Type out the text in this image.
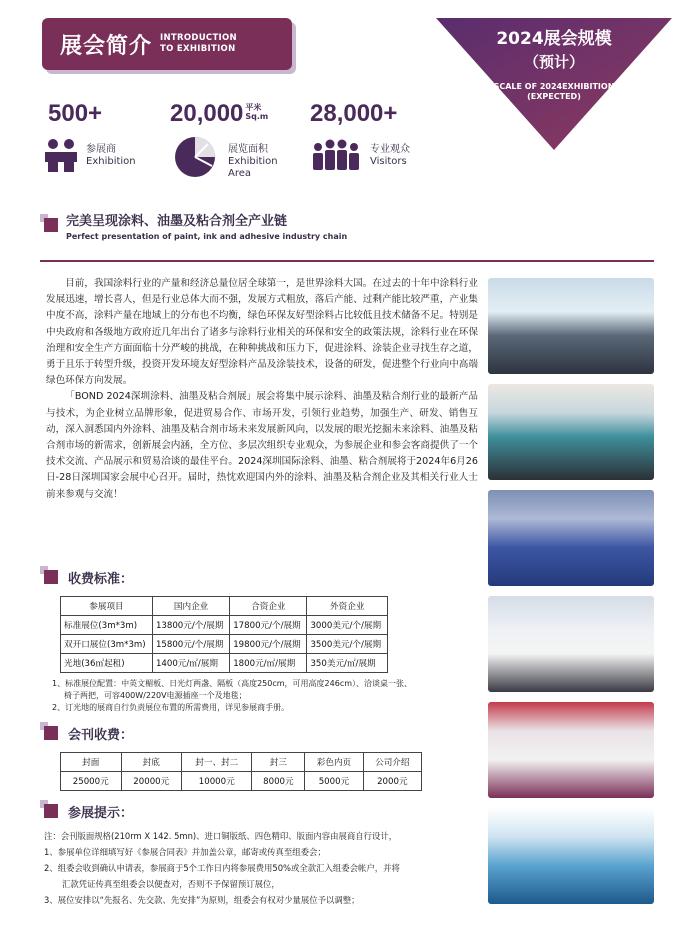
展会简介 INTRODUCTION
TO EXHIBITION	2024展会规模
（预计）
SCALE OF 2024EXHIBITION
(EXPECTED)
500+
参展商
Exhibition
20,000 平米
Sq.m
展览面积
Exhibition
Area
28,000+
专业观众
Visitors
完美呈现涂料、油墨及粘合剂全产业链
Perfect presentation of paint, ink and adhesive industry chain

目前，我国涂料行业的产量和经济总量位居全球第一，是世界涂料大国。在过去的十年中涂料行业发展迅速，增长喜人，但是行业总体大而不强，发展方式粗放，落后产能、过剩产能比较严重，产业集中度不高，涂料产量在地域上的分布也不均衡，绿色环保友好型涂料占比较低且技术储备不足。特别是中央政府和各级地方政府近几年出台了诸多与涂料行业相关的环保和安全的政策法规，涂料行业在环保治理和安全生产方面面临十分严峻的挑战，在种种挑战和压力下，促进涂料、涂装企业寻找生存之道，勇于且乐于转型升级，投资开发环境友好型涂料产品及涂装技术，设备的研发，促进整个行业向中高端绿色环保方向发展。

「BOND 2024深圳涂料、油墨及粘合剂展」展会将集中展示涂料、油墨及粘合剂行业的最新产品与技术，为企业树立品牌形象，促进贸易合作、市场开发，引领行业趋势，加强生产、研发、销售互动，深入洞悉国内外涂料、油墨及粘合剂市场未来发展新风向，以发展的眼光挖掘未来涂料、油墨及粘合剂市场的新需求，创新展会内涵，全方位、多层次组织专业观众，为参展企业和参会客商提供了一个技术交流、产品展示和贸易洽谈的最佳平台。2024深圳国际涂料、油墨、粘合剂展将于2024年6月26日-28日深圳国家会展中心召开。届时，热忱欢迎国内外的涂料、油墨及粘合剂企业及其相关行业人士前来参观与交流！

收费标准：
参展项目	国内企业	合资企业	外资企业
标准展位(3m*3m)	13800元/个/展期	17800元/个/展期	3000美元/个/展期
双开口展位(3m*3m)	15800元/个/展期	19800元/个/展期	3500美元/个/展期
光地(36㎡起租)	1400元/㎡/展期	1800元/㎡/展期	350美元/㎡/展期
1、标准展位配置：中英文楣板、日光灯两盏、隔板（高度250cm，可用高度246cm）、洽谈桌一张、
椅子两把，可容400W/220V电源插座一个及地毯；
2、订光地的展商自行负责展位布置的所需费用，详见参展商手册。
会刊收费：
封面	封底	封一、封二	封三	彩色内页	公司介绍
25000元	20000元	10000元	8000元	5000元	2000元
参展提示：
注：会刊版面规格(210rm X 142. 5mn)、进口铜版纸、四色精印、版面内容由展商自行设计，
1、参展单位详细填写好《参展合同表》并加盖公章，邮寄或传真至组委会；
2、组委会收到确认申请表，参展商于5个工作日内将参展费用50%或全款汇入组委会帐户，并将
汇款凭证传真至组委会以便查对，否则不予保留预订展位，
3、展位安排以“先报名、先交款、先安排”为原则，组委会有权对少量展位予以调整；
